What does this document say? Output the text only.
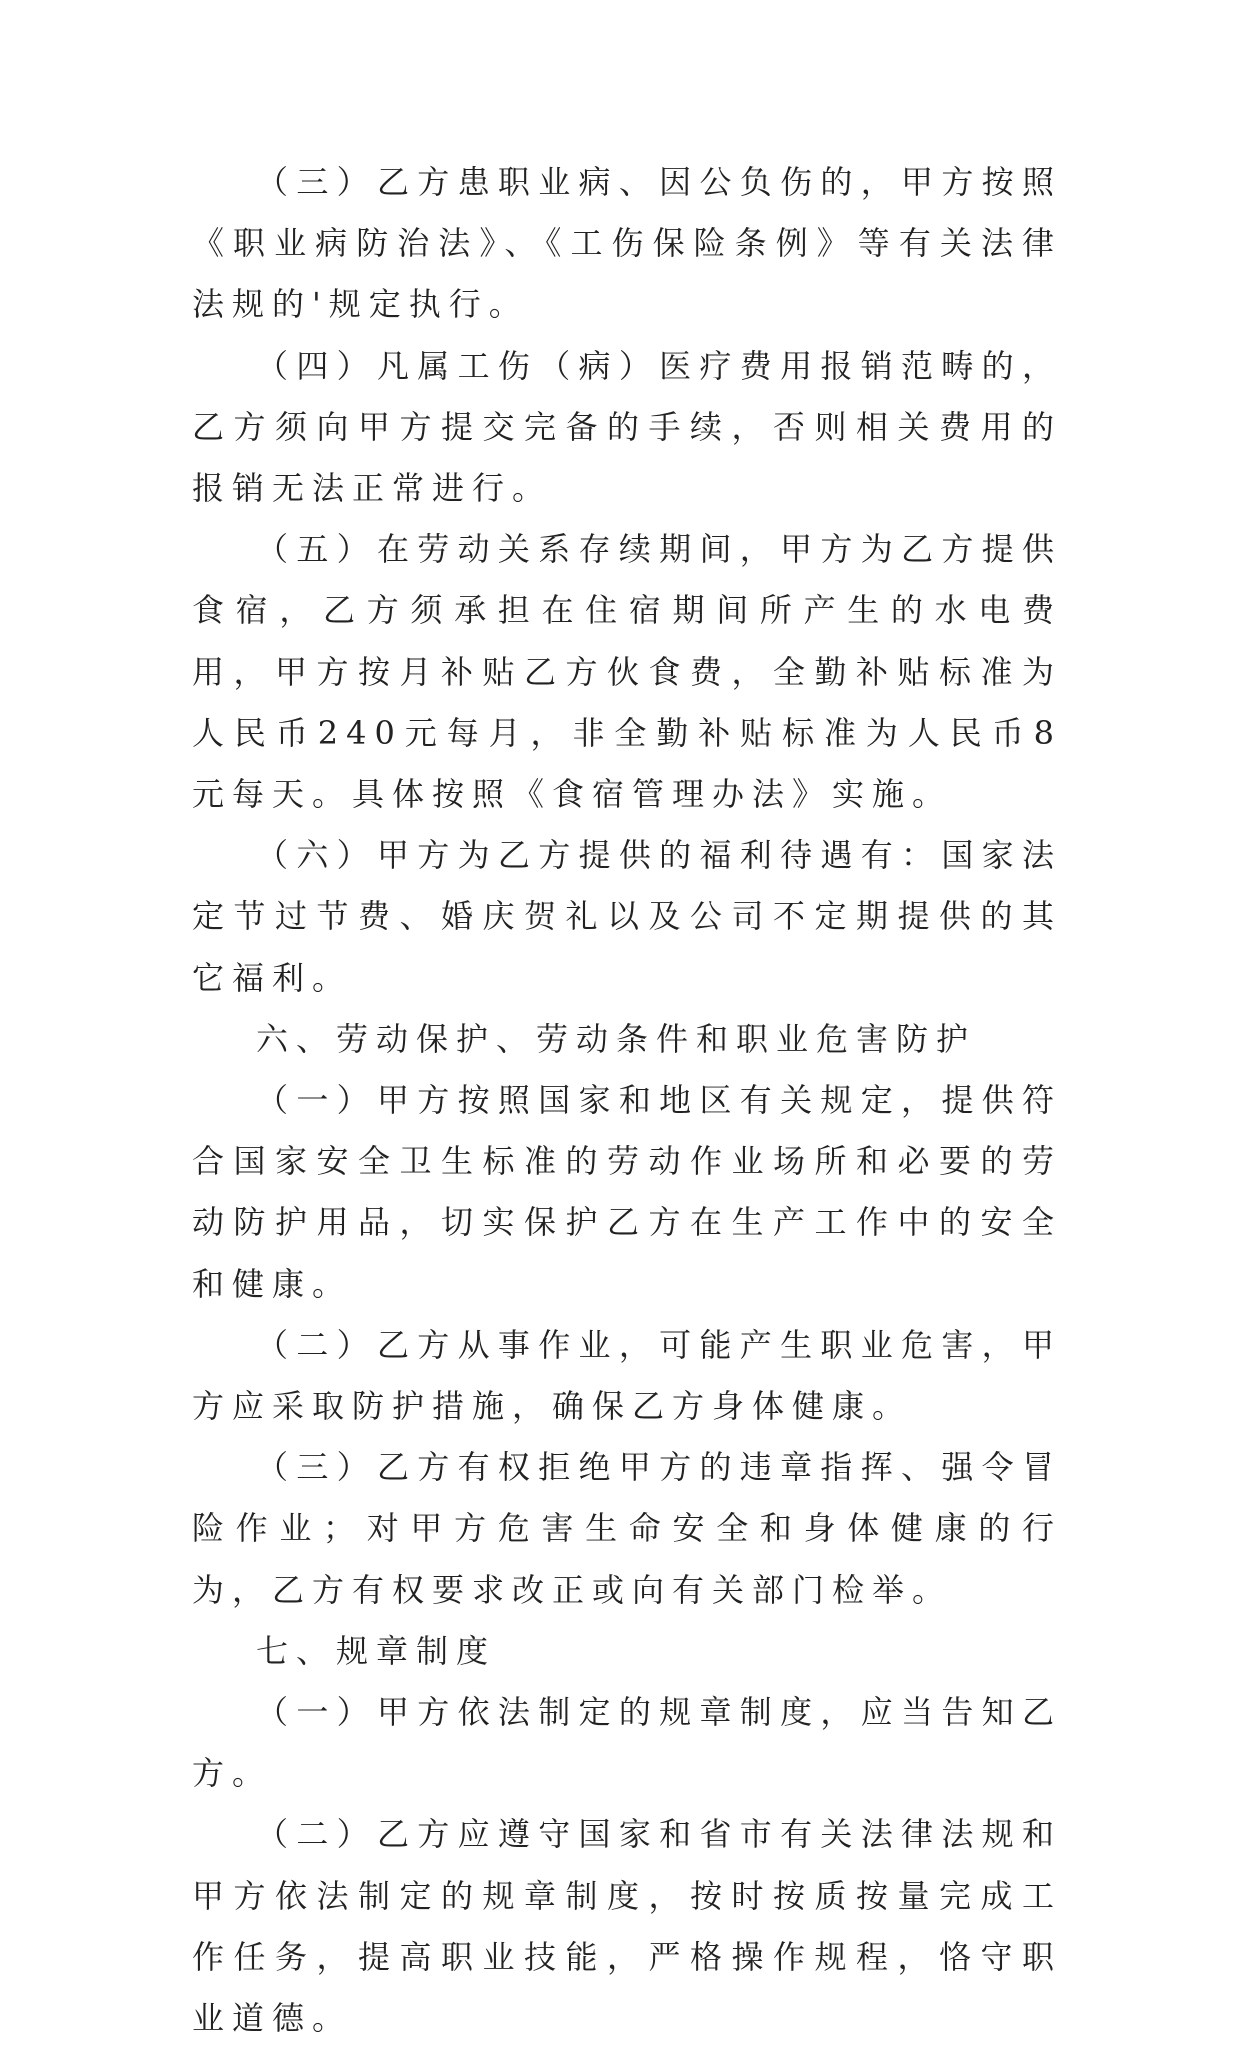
（三）乙方患职业病、因公负伤的，甲方按照《职业病防治法》、《工伤保险条例》等有关法律法规的'规定执行。

（四）凡属工伤（病）医疗费用报销范畴的，乙方须向甲方提交完备的手续，否则相关费用的报销无法正常进行。

（五）在劳动关系存续期间，甲方为乙方提供食宿，乙方须承担在住宿期间所产生的水电费用，甲方按月补贴乙方伙食费，全勤补贴标准为人民币240元每月，非全勤补贴标准为人民币8元每天。具体按照《食宿管理办法》实施。

（六）甲方为乙方提供的福利待遇有：国家法定节过节费、婚庆贺礼以及公司不定期提供的其它福利。

六、劳动保护、劳动条件和职业危害防护

（一）甲方按照国家和地区有关规定，提供符合国家安全卫生标准的劳动作业场所和必要的劳动防护用品，切实保护乙方在生产工作中的安全和健康。

（二）乙方从事作业，可能产生职业危害，甲方应采取防护措施，确保乙方身体健康。

（三）乙方有权拒绝甲方的违章指挥、强令冒险作业；对甲方危害生命安全和身体健康的行为，乙方有权要求改正或向有关部门检举。

七、规章制度

（一）甲方依法制定的规章制度，应当告知乙方。

（二）乙方应遵守国家和省市有关法律法规和甲方依法制定的规章制度，按时按质按量完成工作任务，提高职业技能，严格操作规程，恪守职业道德。
